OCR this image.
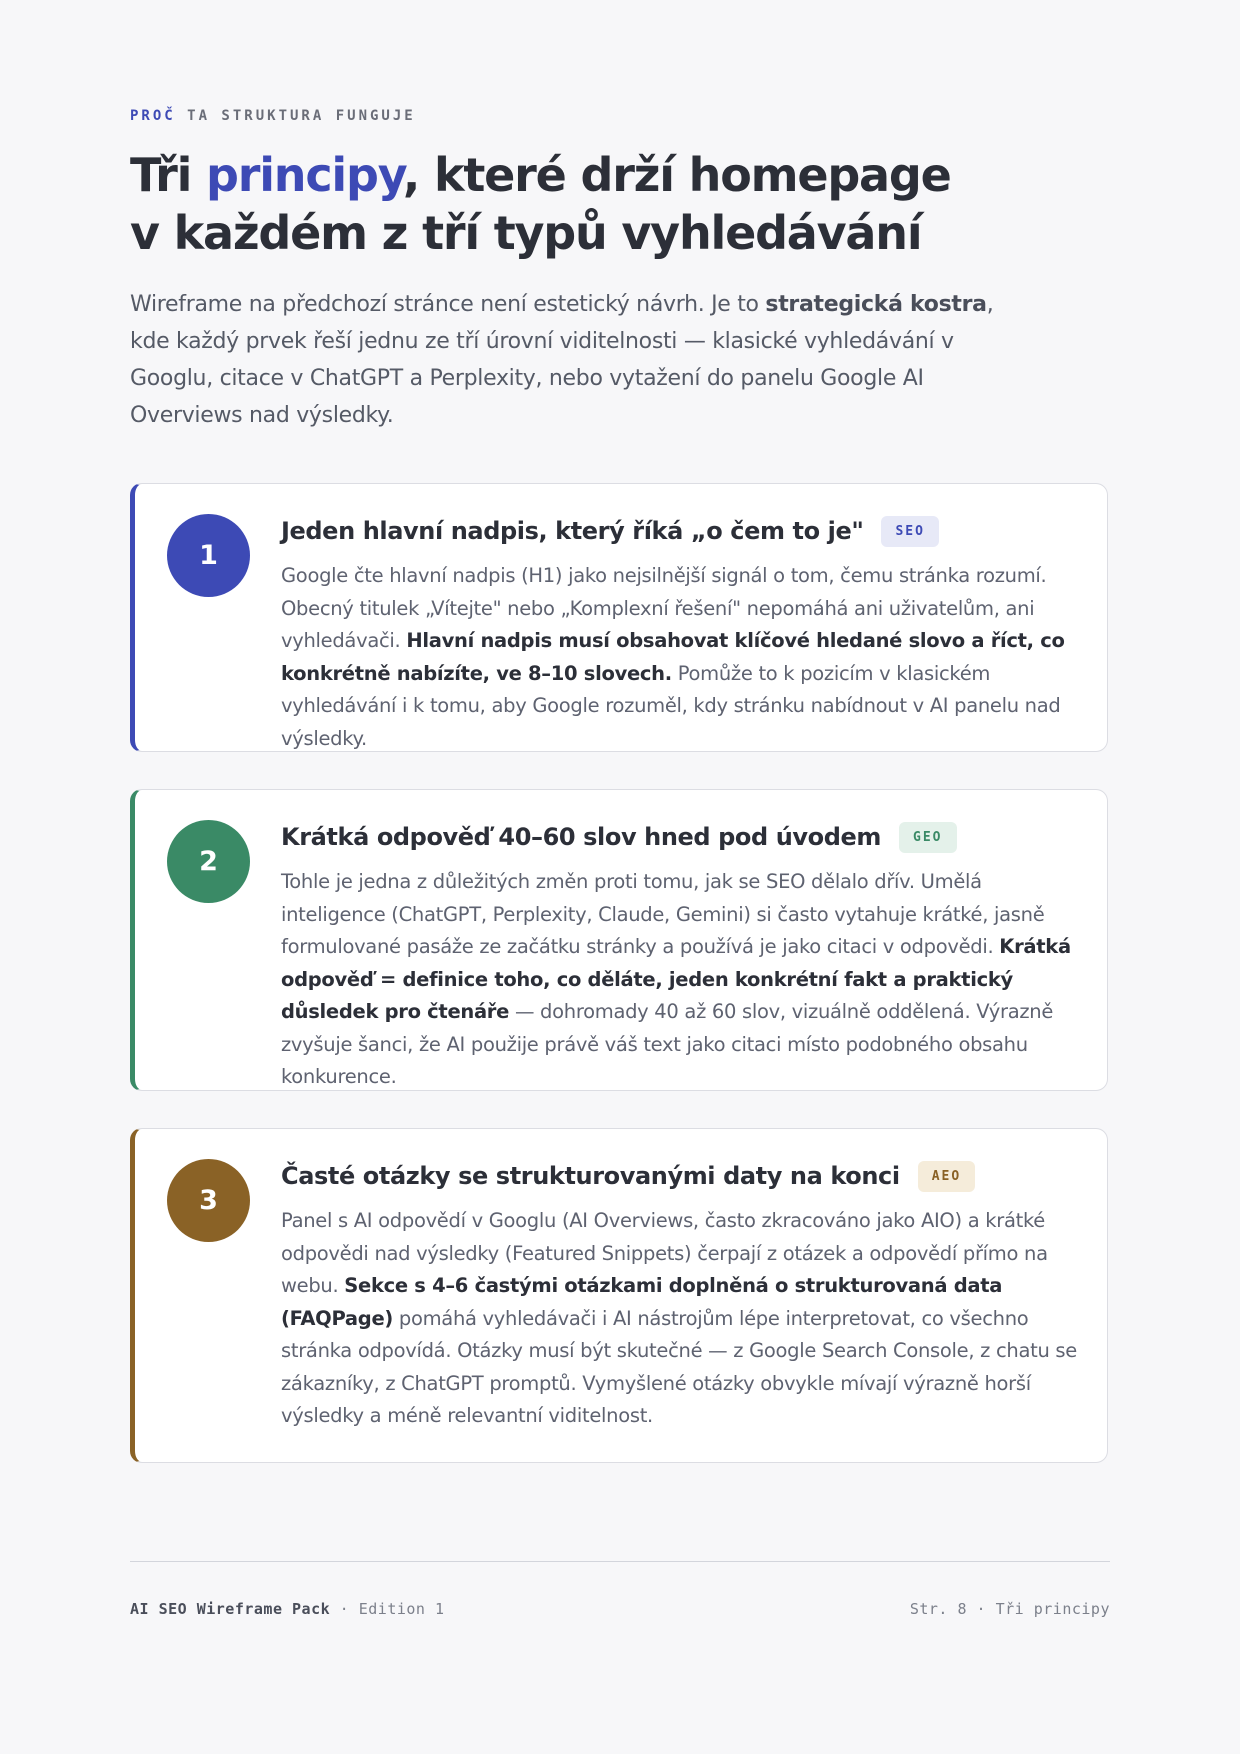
PROČ TA STRUKTURA FUNGUJE
Tři principy, které drží homepage
v každém z tří typů vyhledávání

Wireframe na předchozí stránce není estetický návrh. Je to strategická kostra, kde každý prvek řeší jednu ze tří úrovní viditelnosti — klasické vyhledávání v Googlu, citace v ChatGPT a Perplexity, nebo vytažení do panelu Google AI Overviews nad výsledky.

1
Jeden hlavní nadpis, který říká „o čem to je"	SEO

Google čte hlavní nadpis (H1) jako nejsilnější signál o tom, čemu stránka rozumí. Obecný titulek „Vítejte" nebo „Komplexní řešení" nepomáhá ani uživatelům, ani vyhledávači. Hlavní nadpis musí obsahovat klíčové hledané slovo a říct, co konkrétně nabízíte, ve 8–10 slovech. Pomůže to k pozicím v klasickém vyhledávání i k tomu, aby Google rozuměl, kdy stránku nabídnout v AI panelu nad výsledky.

2
Krátká odpověď 40–60 slov hned pod úvodem	GEO

Tohle je jedna z důležitých změn proti tomu, jak se SEO dělalo dřív. Umělá inteligence (ChatGPT, Perplexity, Claude, Gemini) si často vytahuje krátké, jasně formulované pasáže ze začátku stránky a používá je jako citaci v odpovědi. Krátká odpověď = definice toho, co děláte, jeden konkrétní fakt a praktický důsledek pro čtenáře — dohromady 40 až 60 slov, vizuálně oddělená. Výrazně zvyšuje šanci, že AI použije právě váš text jako citaci místo podobného obsahu konkurence.

3
Časté otázky se strukturovanými daty na konci	AEO

Panel s AI odpovědí v Googlu (AI Overviews, často zkracováno jako AIO) a krátké odpovědi nad výsledky (Featured Snippets) čerpají z otázek a odpovědí přímo na webu. Sekce s 4–6 častými otázkami doplněná o strukturovaná data (FAQPage) pomáhá vyhledávači i AI nástrojům lépe interpretovat, co všechno stránka odpovídá. Otázky musí být skutečné — z Google Search Console, z chatu se zákazníky, z ChatGPT promptů. Vymyšlené otázky obvykle mívají výrazně horší výsledky a méně relevantní viditelnost.

AI SEO Wireframe Pack · Edition 1	Str. 8 · Tři principy
